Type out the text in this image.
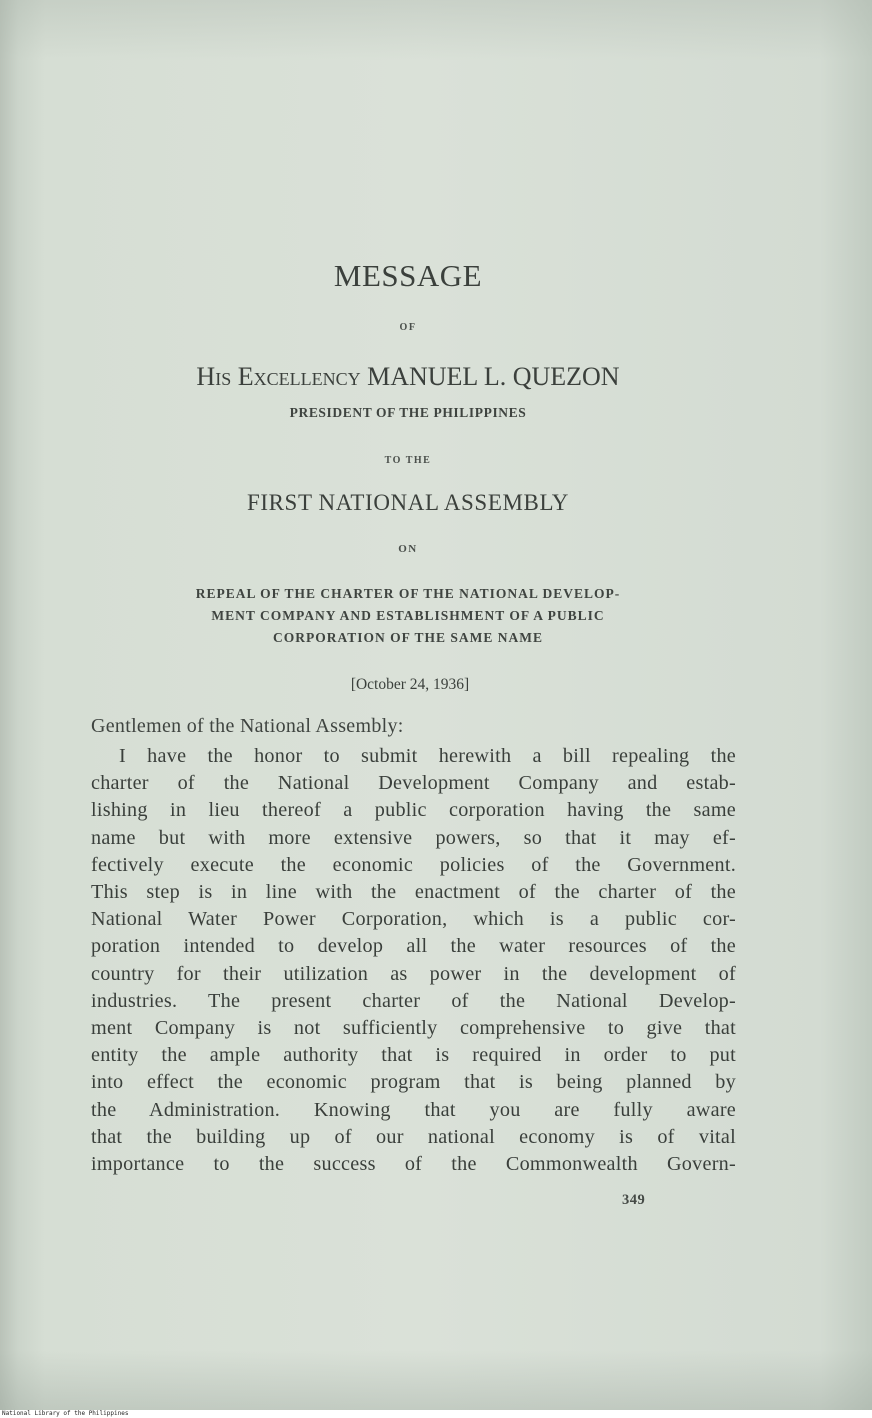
MESSAGE
OF
His Excellency MANUEL L. QUEZON
PRESIDENT OF THE PHILIPPINES
TO THE
FIRST NATIONAL ASSEMBLY
ON
REPEAL OF THE CHARTER OF THE NATIONAL DEVELOP-
MENT COMPANY AND ESTABLISHMENT OF A PUBLIC
CORPORATION OF THE SAME NAME
[October 24, 1936]
Gentlemen of the National Assembly:
I have the honor to submit herewith a bill repealing the
charter of the National Development Company and estab-
lishing in lieu thereof a public corporation having the same
name but with more extensive powers, so that it may ef-
fectively execute the economic policies of the Government.
This step is in line with the enactment of the charter of the
National Water Power Corporation, which is a public cor-
poration intended to develop all the water resources of the
country for their utilization as power in the development of
industries. The present charter of the National Develop-
ment Company is not sufficiently comprehensive to give that
entity the ample authority that is required in order to put
into effect the economic program that is being planned by
the Administration. Knowing that you are fully aware
that the building up of our national economy is of vital
importance to the success of the Commonwealth Govern-
349
National Library of the Philippines
